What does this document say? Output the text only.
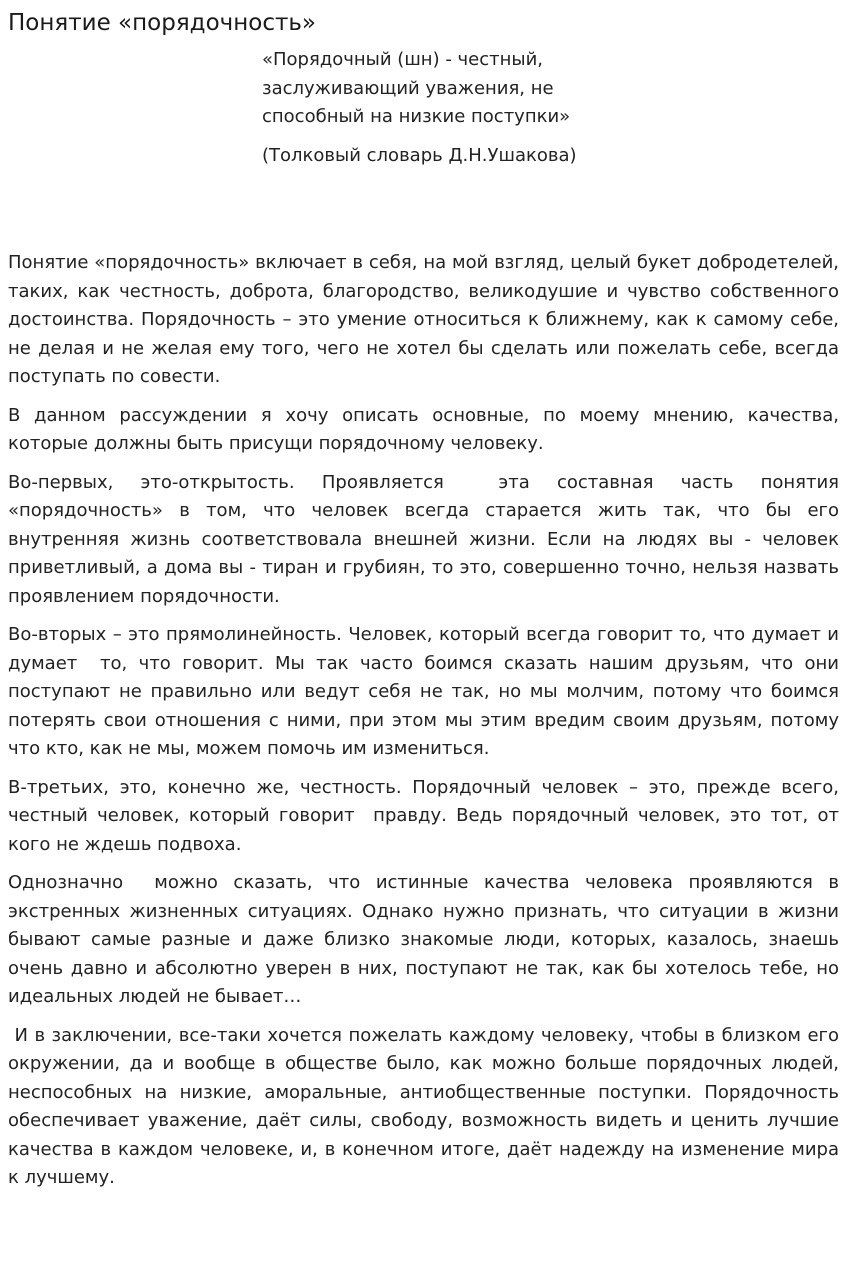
Понятие «порядочность»

«Порядочный (шн) - честный,
заслуживающий уважения, не
способный на низкие поступки»

(Толковый словарь Д.Н.Ушакова)

Понятие «порядочность» включает в себя, на мой взгляд, целый букет добродетелей, таких, как честность, доброта, благородство, великодушие и чувство собственного достоинства. Порядочность – это умение относиться к ближнему, как к самому себе, не делая и не желая ему того, чего не хотел бы сделать или пожелать себе, всегда поступать по совести.

В данном рассуждении я хочу описать основные, по моему мнению, качества, которые должны быть присущи порядочному человеку.

Во-первых, это-открытость. Проявляется  эта составная часть понятия «порядочность» в том, что человек всегда старается жить так, что бы его внутренняя жизнь соответствовала внешней жизни. Если на людях вы - человек приветливый, а дома вы - тиран и грубиян, то это, совершенно точно, нельзя назвать проявлением порядочности.

Во-вторых – это прямолинейность. Человек, который всегда говорит то, что думает и думает  то, что говорит. Мы так часто боимся сказать нашим друзьям, что они поступают не правильно или ведут себя не так, но мы молчим, потому что боимся потерять свои отношения с ними, при этом мы этим вредим своим друзьям, потому что кто, как не мы, можем помочь им измениться.

В-третьих, это, конечно же, честность. Порядочный человек – это, прежде всего, честный человек, который говорит  правду. Ведь порядочный человек, это тот, от кого не ждешь подвоха.

Однозначно  можно сказать, что истинные качества человека проявляются в экстренных жизненных ситуациях. Однако нужно признать, что ситуации в жизни бывают самые разные и даже близко знакомые люди, которых, казалось, знаешь очень давно и абсолютно уверен в них, поступают не так, как бы хотелось тебе, но идеальных людей не бывает…

И в заключении, все-таки хочется пожелать каждому человеку, чтобы в близком его окружении, да и вообще в обществе было, как можно больше порядочных людей, неспособных на низкие, аморальные, антиобщественные поступки. Порядочность обеспечивает уважение, даёт силы, свободу, возможность видеть и ценить лучшие качества в каждом человеке, и, в конечном итоге, даёт надежду на изменение мира к лучшему.
